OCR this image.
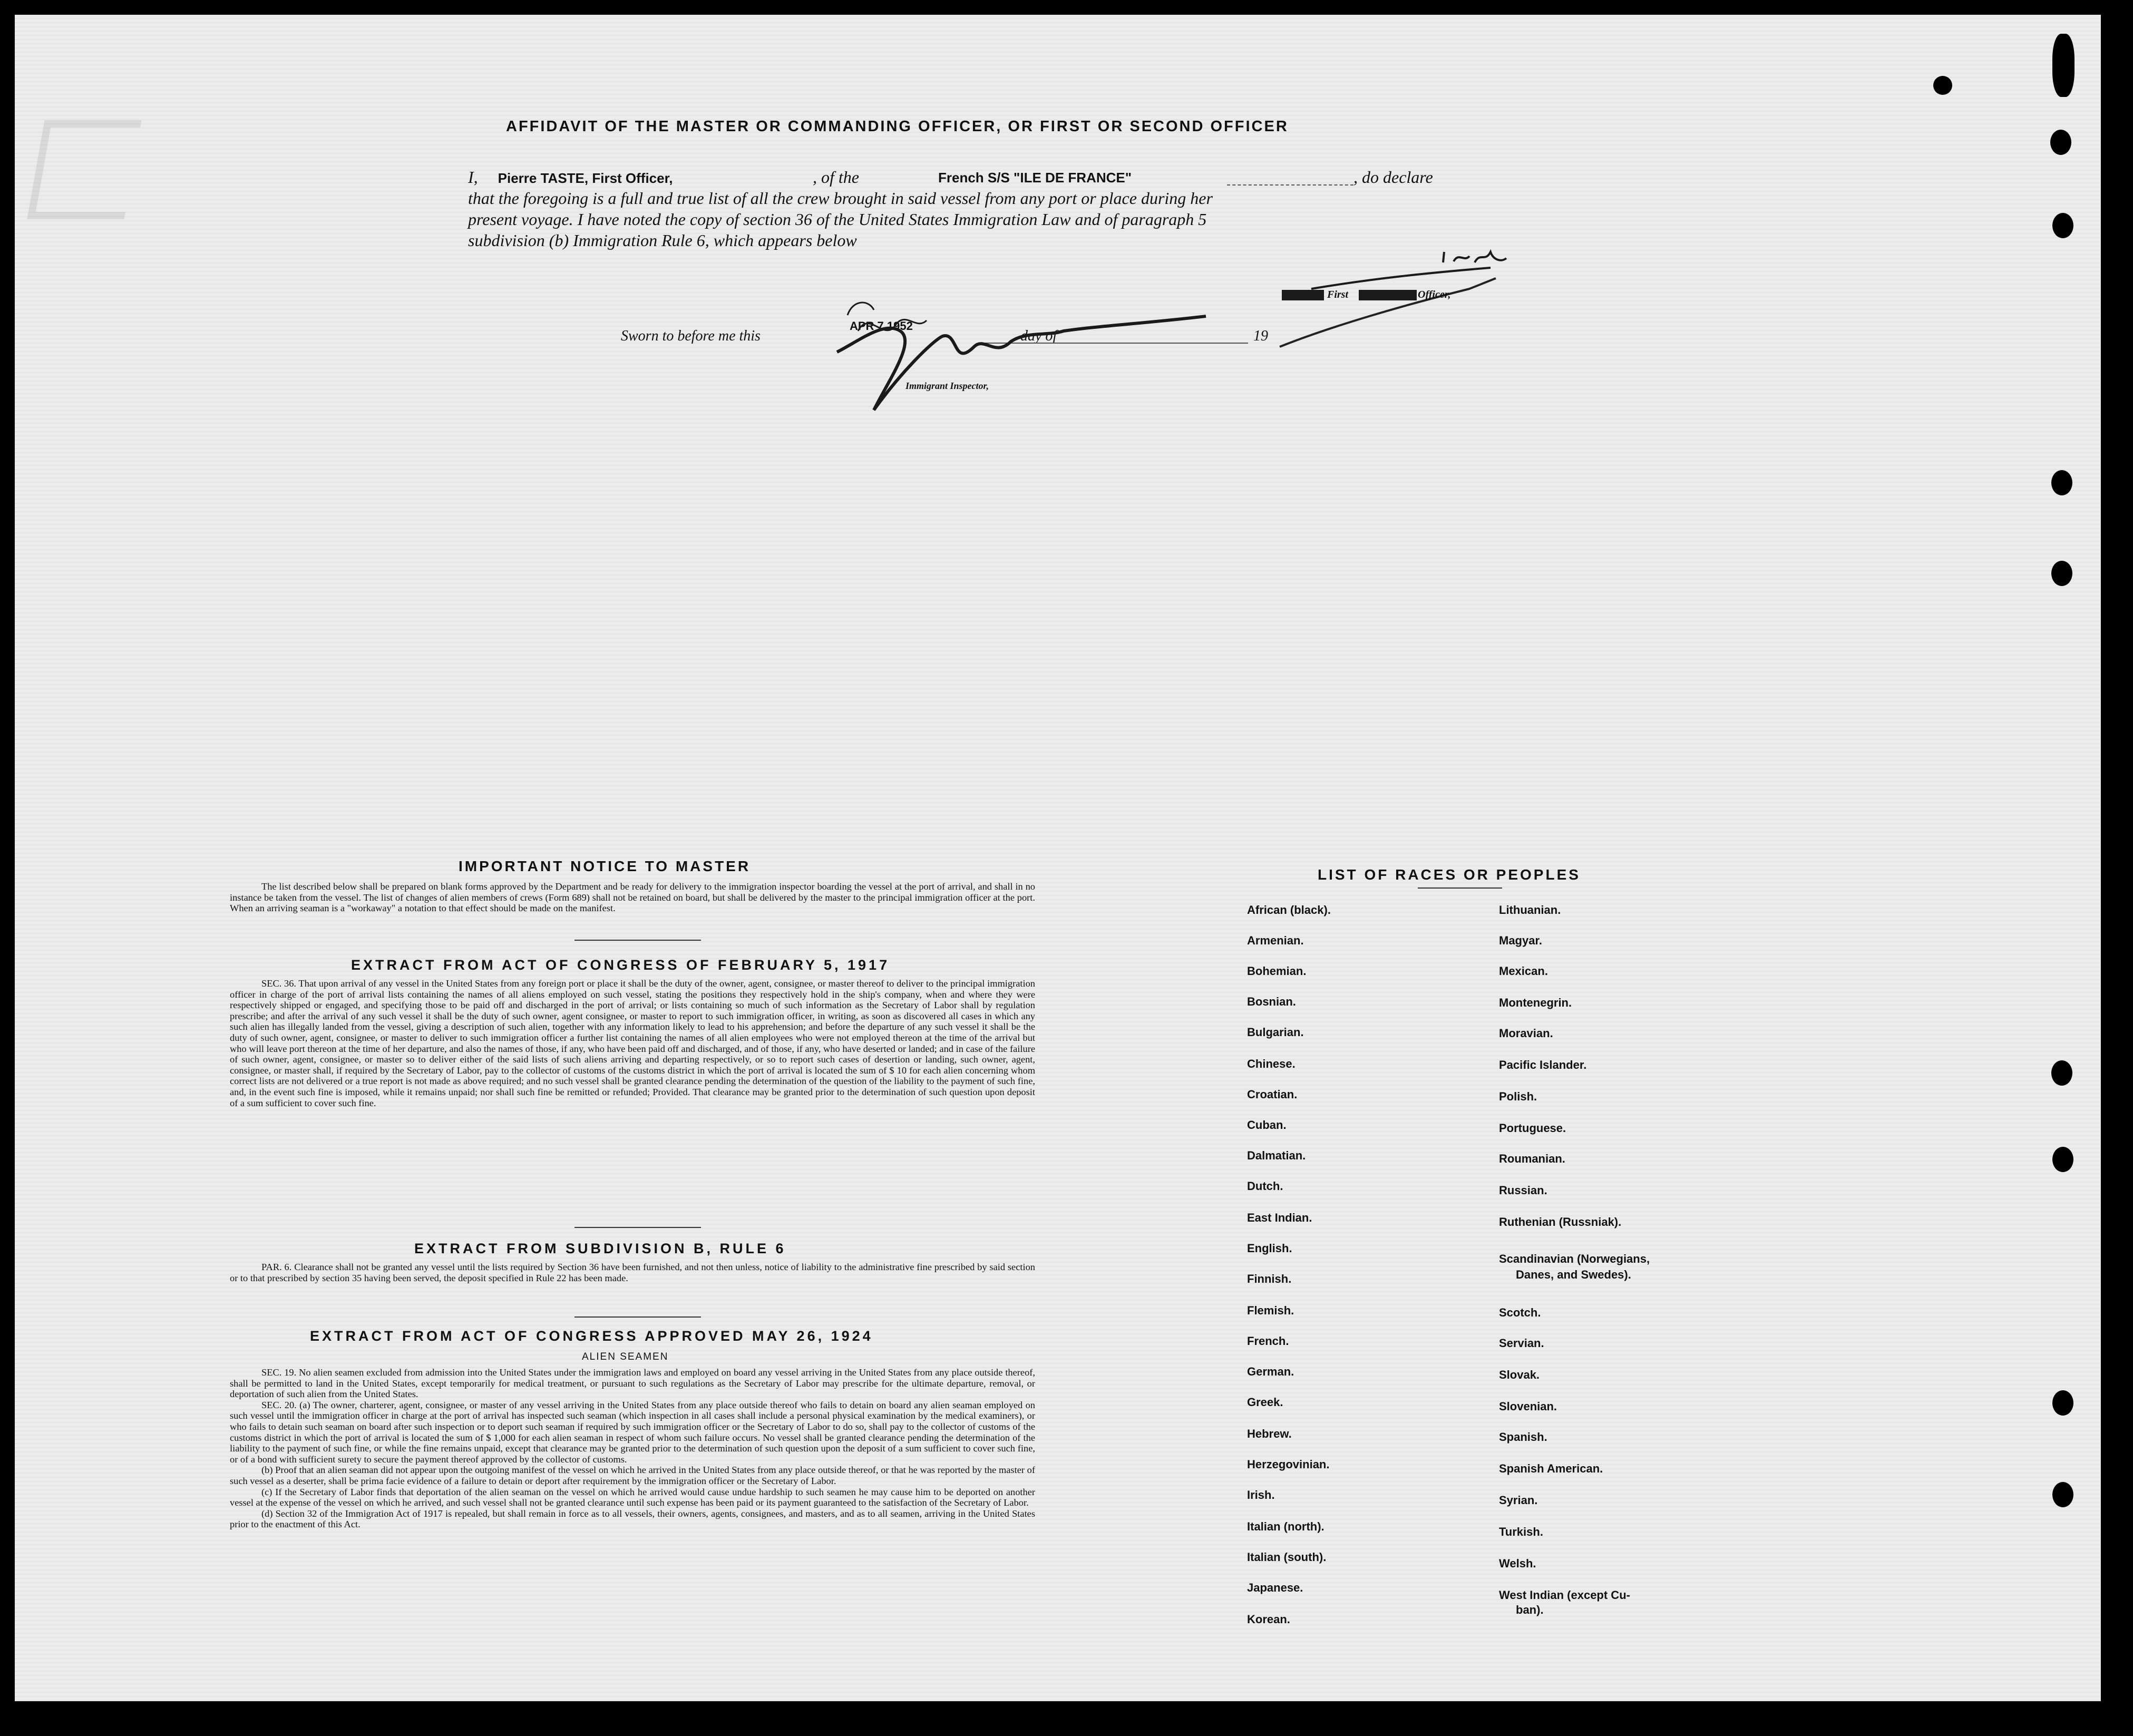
AFFIDAVIT OF THE MASTER OR COMMANDING OFFICER, OR FIRST OR SECOND OFFICER
I, Pierre TASTE, First Officer,	, of the	French S/S "ILE DE FRANCE"	, do declare
that the foregoing is a full and true list of all the crew brought in said vessel from any port or place during her
present voyage. I have noted the copy of section 36 of the United States Immigration Law and of paragraph 5
subdivision (b) Immigration Rule 6, which appears below
First	Officer,
Sworn to before me this
APR 7 1952
day of	19
Immigrant Inspector,
IMPORTANT NOTICE TO MASTER
The list described below shall be prepared on blank forms approved by the Department and be ready for delivery to the immigration inspector boarding the vessel at the port of arrival, and shall in no instance be taken from the vessel. The list of changes of alien members of crews (Form 689) shall not be retained on board, but shall be delivered by the master to the principal immigration officer at the port. When an arriving seaman is a "workaway" a notation to that effect should be made on the manifest.
EXTRACT FROM ACT OF CONGRESS OF FEBRUARY 5, 1917
SEC. 36. That upon arrival of any vessel in the United States from any foreign port or place it shall be the duty of the owner, agent, consignee, or master thereof to deliver to the principal immigration officer in charge of the port of arrival lists containing the names of all aliens employed on such vessel, stating the positions they respectively hold in the ship's company, when and where they were respectively shipped or engaged, and specifying those to be paid off and discharged in the port of arrival; or lists containing so much of such information as the Secretary of Labor shall by regulation prescribe; and after the arrival of any such vessel it shall be the duty of such owner, agent consignee, or master to report to such immigration officer, in writing, as soon as discovered all cases in which any such alien has illegally landed from the vessel, giving a description of such alien, together with any information likely to lead to his apprehension; and before the departure of any such vessel it shall be the duty of such owner, agent, consignee, or master to deliver to such immigration officer a further list containing the names of all alien employees who were not employed thereon at the time of the arrival but who will leave port thereon at the time of her departure, and also the names of those, if any, who have been paid off and discharged, and of those, if any, who have deserted or landed; and in case of the failure of such owner, agent, consignee, or master so to deliver either of the said lists of such aliens arriving and departing respectively, or so to report such cases of desertion or landing, such owner, agent, consignee, or master shall, if required by the Secretary of Labor, pay to the collector of customs of the customs district in which the port of arrival is located the sum of $ 10 for each alien concerning whom correct lists are not delivered or a true report is not made as above required; and no such vessel shall be granted clearance pending the determination of the question of the liability to the payment of such fine, and, in the event such fine is imposed, while it remains unpaid; nor shall such fine be remitted or refunded; Provided. That clearance may be granted prior to the determination of such question upon deposit of a sum sufficient to cover such fine.
EXTRACT FROM SUBDIVISION B, RULE 6
PAR. 6. Clearance shall not be granted any vessel until the lists required by Section 36 have been furnished, and not then unless, notice of liability to the administrative fine prescribed by said section or to that prescribed by section 35 having been served, the deposit specified in Rule 22 has been made.
EXTRACT FROM ACT OF CONGRESS APPROVED MAY 26, 1924
ALIEN SEAMEN
SEC. 19. No alien seamen excluded from admission into the United States under the immigration laws and employed on board any vessel arriving in the United States from any place outside thereof, shall be permitted to land in the United States, except temporarily for medical treatment, or pursuant to such regulations as the Secretary of Labor may prescribe for the ultimate departure, removal, or deportation of such alien from the United States.
SEC. 20. (a) The owner, charterer, agent, consignee, or master of any vessel arriving in the United States from any place outside thereof who fails to detain on board any alien seaman employed on such vessel until the immigration officer in charge at the port of arrival has inspected such seaman (which inspection in all cases shall include a personal physical examination by the medical examiners), or who fails to detain such seaman on board after such inspection or to deport such seaman if required by such immigration officer or the Secretary of Labor to do so, shall pay to the collector of customs of the customs district in which the port of arrival is located the sum of $ 1,000 for each alien seaman in respect of whom such failure occurs. No vessel shall be granted clearance pending the determination of the liability to the payment of such fine, or while the fine remains unpaid, except that clearance may be granted prior to the determination of such question upon the deposit of a sum sufficient to cover such fine, or of a bond with sufficient surety to secure the payment thereof approved by the collector of customs.
(b) Proof that an alien seaman did not appear upon the outgoing manifest of the vessel on which he arrived in the United States from any place outside thereof, or that he was reported by the master of such vessel as a deserter, shall be prima facie evidence of a failure to detain or deport after requirement by the immigration officer or the Secretary of Labor.
(c) If the Secretary of Labor finds that deportation of the alien seaman on the vessel on which he arrived would cause undue hardship to such seamen he may cause him to be deported on another vessel at the expense of the vessel on which he arrived, and such vessel shall not be granted clearance until such expense has been paid or its payment guaranteed to the satisfaction of the Secretary of Labor.
(d) Section 32 of the Immigration Act of 1917 is repealed, but shall remain in force as to all vessels, their owners, agents, consignees, and masters, and as to all seamen, arriving in the United States prior to the enactment of this Act.
LIST OF RACES OR PEOPLES
African (black).
Armenian.
Bohemian.
Bosnian.
Bulgarian.
Chinese.
Croatian.
Cuban.
Dalmatian.
Dutch.
East Indian.
English.
Finnish.
Flemish.
French.
German.
Greek.
Hebrew.
Herzegovinian.
Irish.
Italian (north).
Italian (south).
Japanese.
Korean.
Lithuanian.
Magyar.
Mexican.
Montenegrin.
Moravian.
Pacific Islander.
Polish.
Portuguese.
Roumanian.
Russian.
Ruthenian (Russniak).
Scandinavian (Norwegians,
Danes, and Swedes).
Scotch.
Servian.
Slovak.
Slovenian.
Spanish.
Spanish American.
Syrian.
Turkish.
Welsh.
West Indian (except Cu-
ban).
